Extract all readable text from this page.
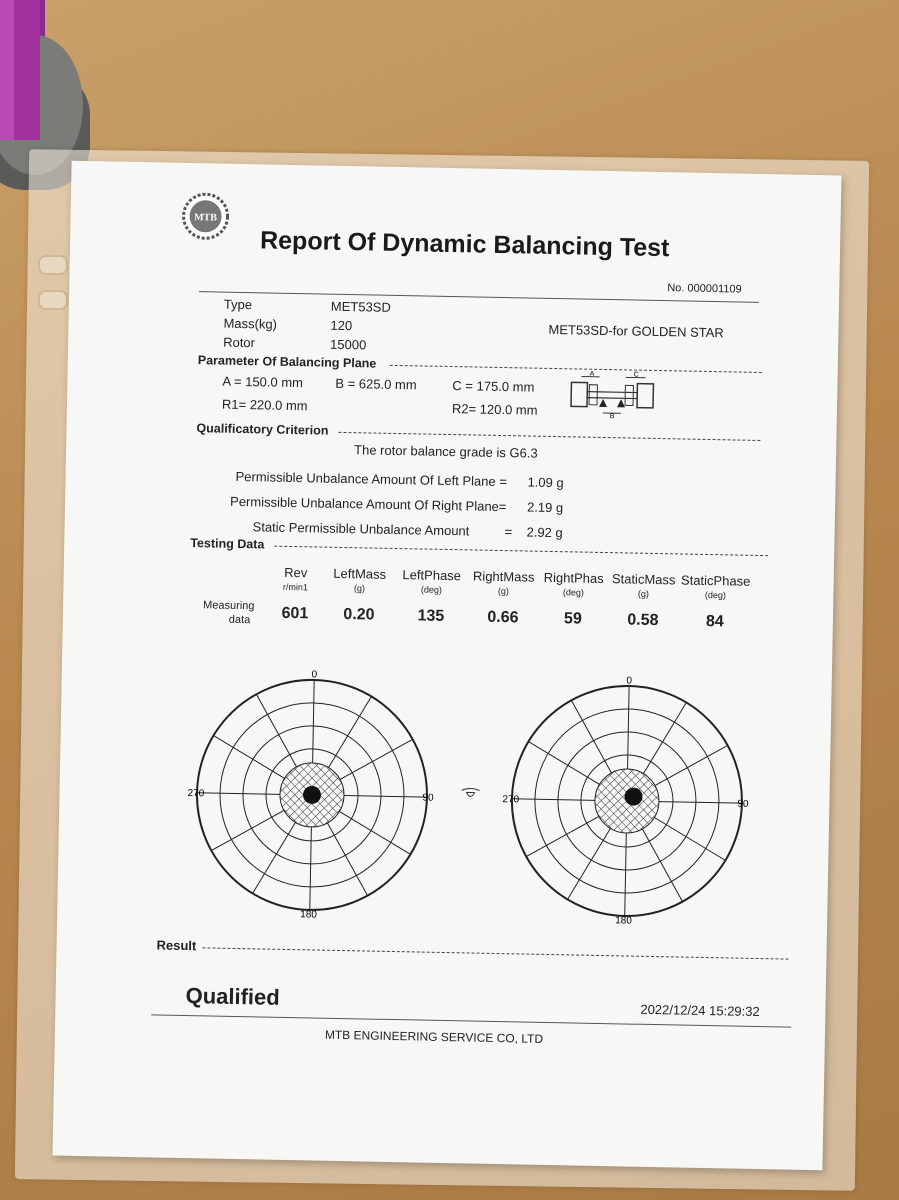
MTB
Report Of Dynamic Balancing Test
No. 000001109
Type	MET53SD
Mass(kg)	120	MET53SD-for GOLDEN STAR
Rotor	15000
Parameter Of Balancing Plane
A = 150.0 mm B = 625.0 mm	C = 175.0 mm
R1= 220.0 mm	R2= 120.0 mm
A	C
B
Qualificatory Criterion
The rotor balance grade is G6.3
Permissible Unbalance Amount Of Left Plane = 1.09 g
Permissible Unbalance Amount Of Right Plane= 2.19 g
Static Permissible Unbalance Amount	= 2.92 g
Testing Data
Rev	LeftMass	LeftPhase RightMass RightPhas StaticMass StaticPhase
r/min1	(g)	(deg)	(g)	(deg)	(g)	(deg)
Measuring
data	601	0.20	135	0.66	59	0.58	84
0
90
180
270
0
90
180
270
Result
Qualified
2022/12/24 15:29:32
MTB ENGINEERING SERVICE CO, LTD
